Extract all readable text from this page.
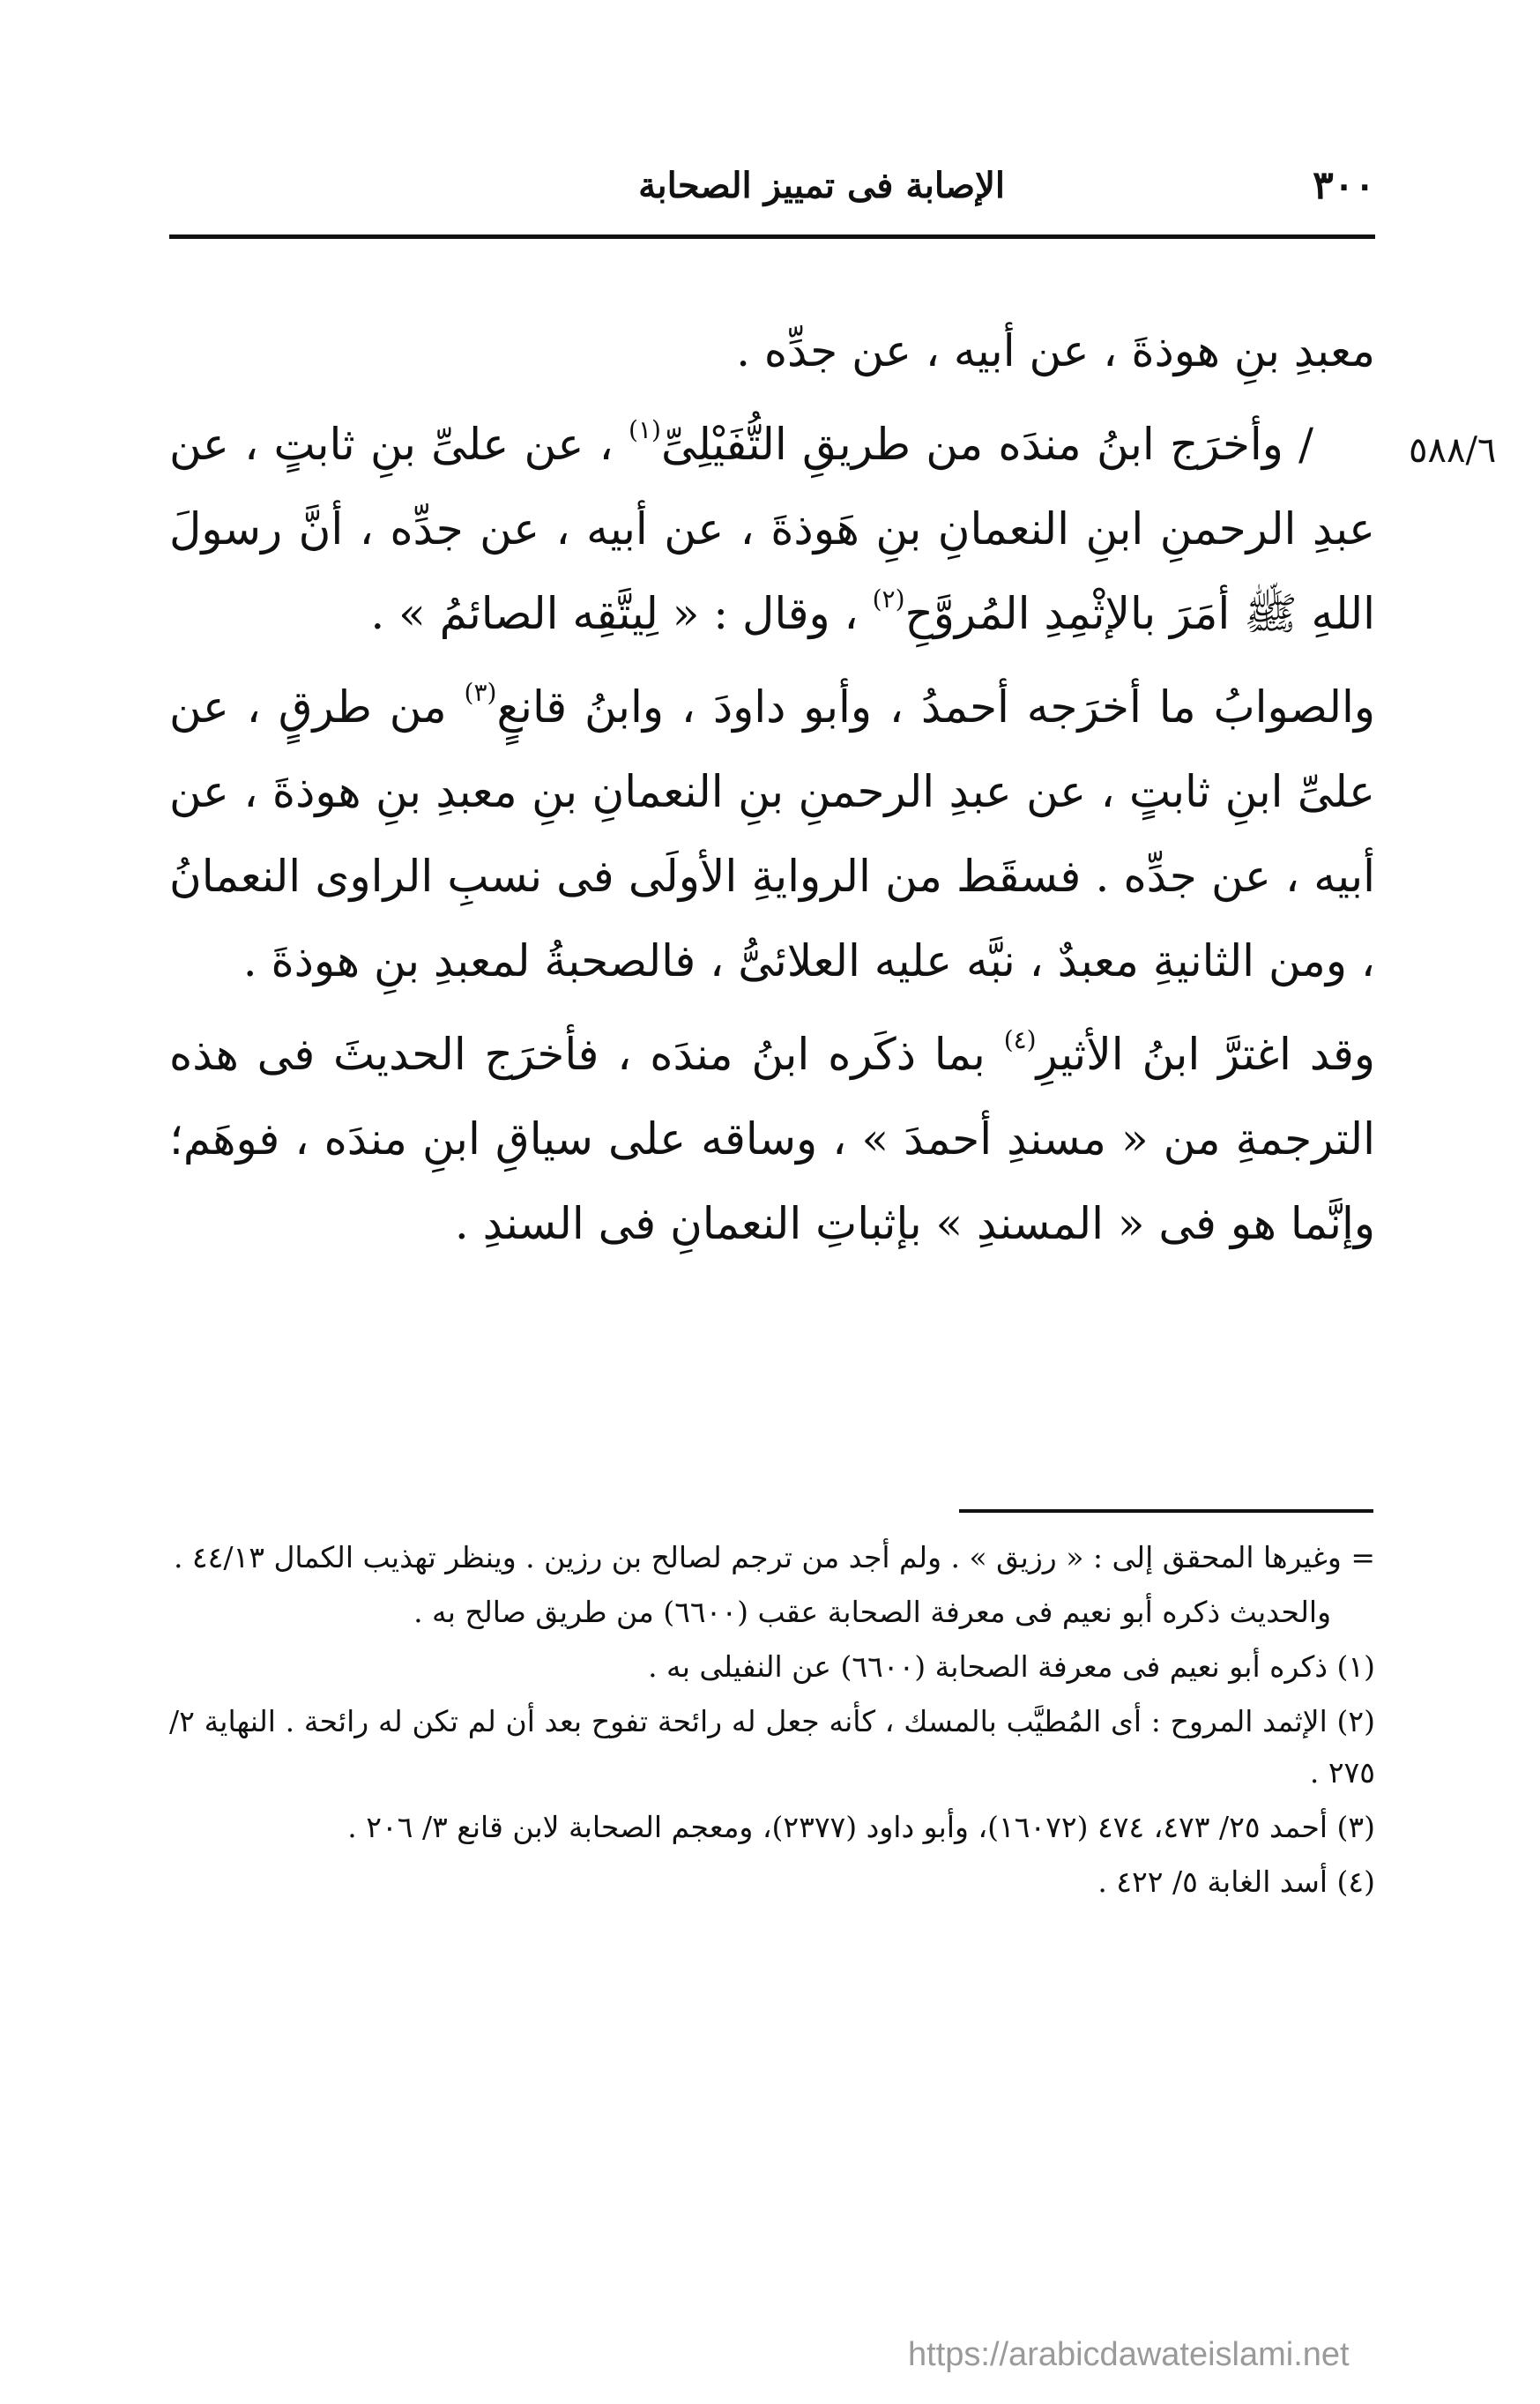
٣٠٠
الإصابة فى تمييز الصحابة
٥٨٨/٦

معبدِ بنِ هوذةَ ، عن أبيه ، عن جدِّه .

/ وأخرَج ابنُ مندَه من طريقِ التُّفَيْلِىِّ$^{(١)}$ ، عن علىِّ بنِ ثابتٍ ، عن عبدِ الرحمنِ ابنِ النعمانِ بنِ هَوذةَ ، عن أبيه ، عن جدِّه ، أنَّ رسولَ اللهِ ﷺ أمَرَ بالإثْمِدِ المُروَّحِ$^{(٢)}$ ، وقال : « لِيتَّقِه الصائمُ » .

والصوابُ ما أخرَجه أحمدُ ، وأبو داودَ ، وابنُ قانعٍ$^{(٣)}$ من طرقٍ ، عن علىِّ ابنِ ثابتٍ ، عن عبدِ الرحمنِ بنِ النعمانِ بنِ معبدِ بنِ هوذةَ ، عن أبيه ، عن جدِّه . فسقَط من الروايةِ الأولَى فى نسبِ الراوى النعمانُ ، ومن الثانيةِ معبدٌ ، نبَّه عليه العلائىُّ ، فالصحبةُ لمعبدِ بنِ هوذةَ .

وقد اغترَّ ابنُ الأثيرِ$^{(٤)}$ بما ذكَره ابنُ مندَه ، فأخرَج الحديثَ فى هذه الترجمةِ من « مسندِ أحمدَ » ، وساقه على سياقِ ابنِ مندَه ، فوهَم؛ وإنَّما هو فى « المسندِ » بإثباتِ النعمانِ فى السندِ .

= وغيرها المحقق إلى : « رزيق » . ولم أجد من ترجم لصالح بن رزين . وينظر تهذيب الكمال ٤٤/١٣ .

والحديث ذكره أبو نعيم فى معرفة الصحابة عقب (٦٦٠٠) من طريق صالح به .

(١) ذكره أبو نعيم فى معرفة الصحابة (٦٦٠٠) عن النفيلى به .

(٢) الإثمد المروح : أى المُطيَّب بالمسك ، كأنه جعل له رائحة تفوح بعد أن لم تكن له رائحة . النهاية ٢/ ٢٧٥ .

(٣) أحمد ٢٥/ ٤٧٣، ٤٧٤ (١٦٠٧٢)، وأبو داود (٢٣٧٧)، ومعجم الصحابة لابن قانع ٣/ ٢٠٦ .

(٤) أسد الغابة ٥/ ٤٢٢ .

https://arabicdawateislami.net
